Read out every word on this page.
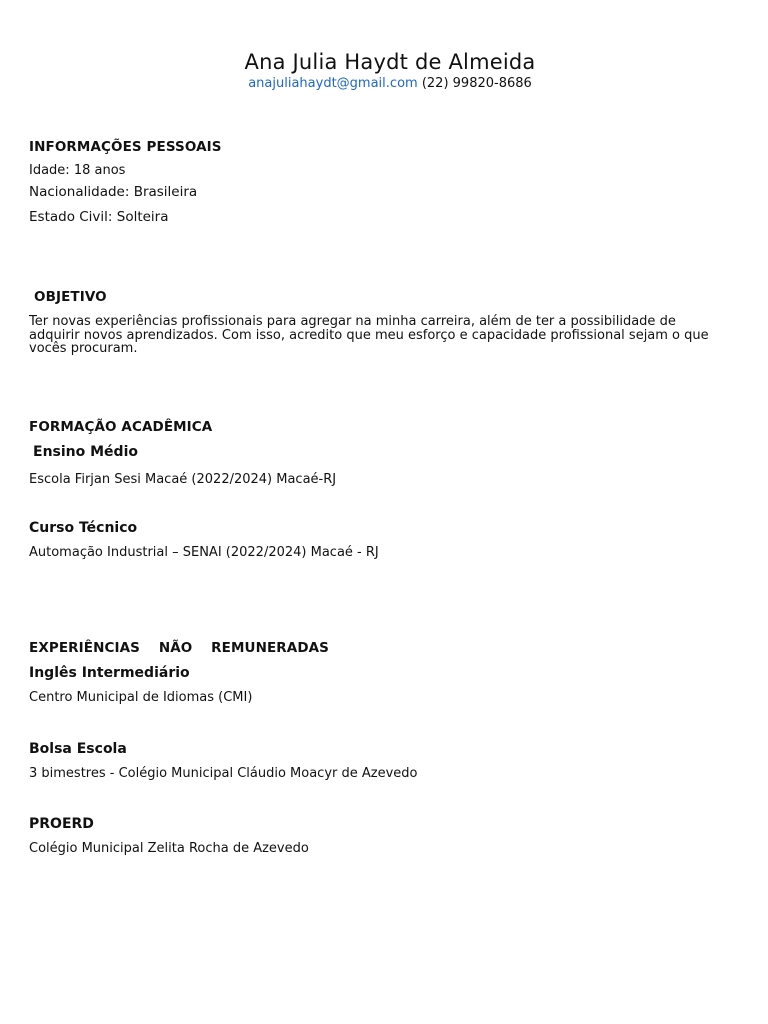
Ana Julia Haydt de Almeida
anajuliahaydt@gmail.com (22) 99820-8686
INFORMAÇÕES PESSOAIS
Idade: 18 anos
Nacionalidade: Brasileira
Estado Civil: Solteira
OBJETIVO
Ter novas experiências profissionais para agregar na minha carreira, além de ter a possibilidade de adquirir novos aprendizados. Com isso, acredito que meu esforço e capacidade profissional sejam o que vocês procuram.
FORMAÇÃO ACADÊMICA
Ensino Médio
Escola Firjan Sesi Macaé (2022/2024) Macaé-RJ
Curso Técnico
Automação Industrial – SENAI (2022/2024) Macaé - RJ
EXPERIÊNCIAS NÃO REMUNERADAS
Inglês Intermediário
Centro Municipal de Idiomas (CMI)
Bolsa Escola
3 bimestres - Colégio Municipal Cláudio Moacyr de Azevedo
PROERD
Colégio Municipal Zelita Rocha de Azevedo
